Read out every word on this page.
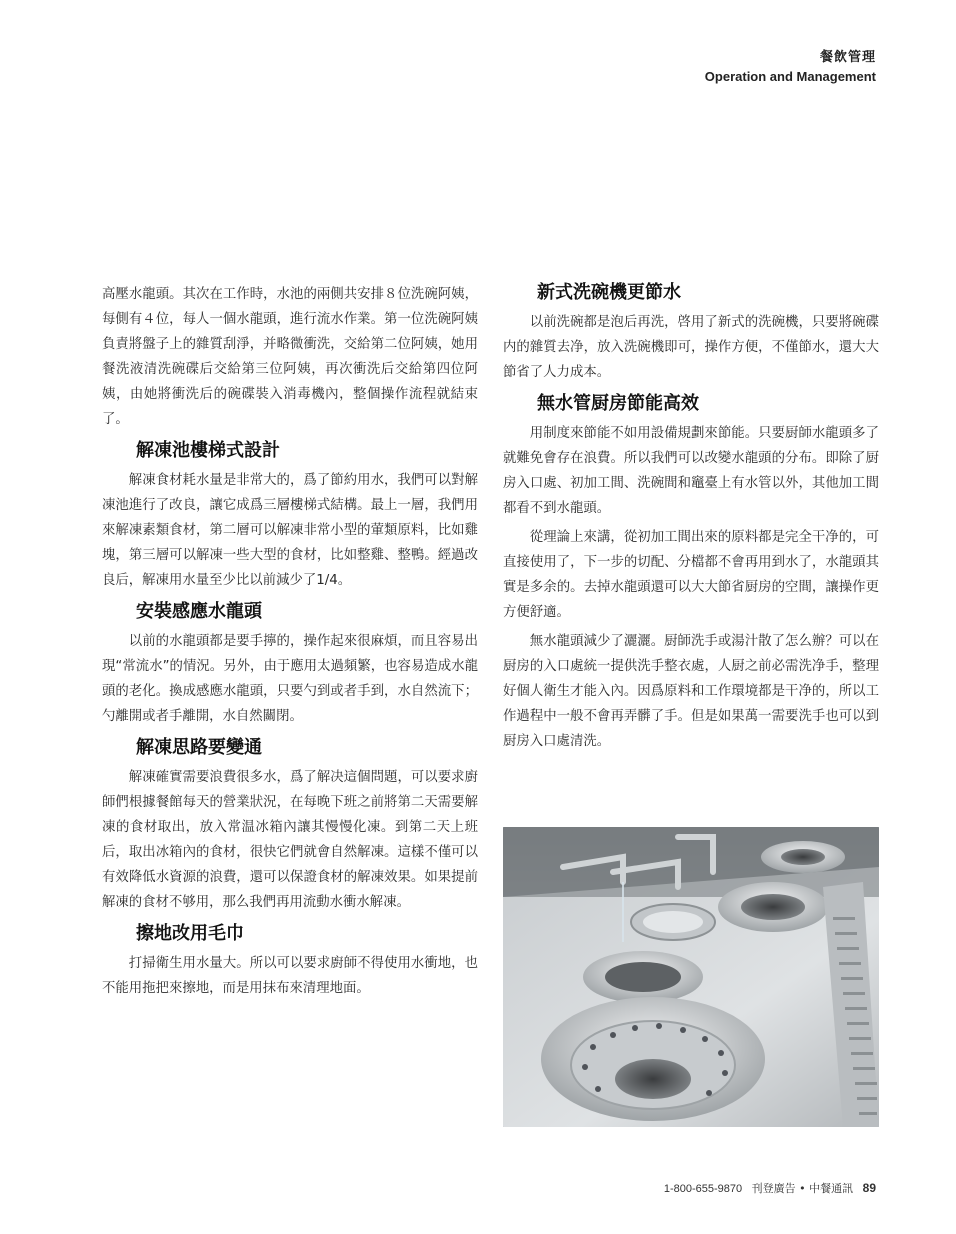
餐飲管理
Operation and Management

高壓水龍頭。其次在工作時，水池的兩側共安排８位洗碗阿姨，每側有４位，每人一個水龍頭，進行流水作業。第一位洗碗阿姨負責將盤子上的雜質刮淨，并略微衝洗，交給第二位阿姨，她用餐洗液清洗碗碟后交給第三位阿姨，再次衝洗后交給第四位阿姨，由她將衝洗后的碗碟裝入消毒機內，整個操作流程就結束了。

解凍池樓梯式設計

解凍食材耗水量是非常大的，爲了節約用水，我們可以對解凍池進行了改良，讓它成爲三層樓梯式結構。最上一層，我們用來解凍素類食材，第二層可以解凍非常小型的葷類原料，比如雞塊，第三層可以解凍一些大型的食材，比如整雞、整鴨。經過改良后，解凍用水量至少比以前減少了1/4。

安裝感應水龍頭

以前的水龍頭都是要手擰的，操作起來很麻煩，而且容易出現“常流水”的情況。另外，由于應用太過頻繁，也容易造成水龍頭的老化。換成感應水龍頭，只要勺到或者手到，水自然流下；勺離開或者手離開，水自然關閉。

解凍思路要變通

解凍確實需要浪費很多水，爲了解决這個問題，可以要求廚師們根據餐館每天的營業狀況，在每晚下班之前將第二天需要解凍的食材取出，放入常温冰箱內讓其慢慢化凍。到第二天上班后，取出冰箱內的食材，很快它們就會自然解凍。這樣不僅可以有效降低水資源的浪費，還可以保證食材的解凍效果。如果提前解凍的食材不够用，那么我們再用流動水衝水解凍。

擦地改用毛巾

打掃衛生用水量大。所以可以要求廚師不得使用水衝地，也不能用拖把來擦地，而是用抹布來清理地面。

新式洗碗機更節水

以前洗碗都是泡后再洗，啓用了新式的洗碗機，只要將碗碟内的雜質去净，放入洗碗機即可，操作方便，不僅節水，還大大節省了人力成本。

無水管厨房節能高效

用制度來節能不如用設備規劃來節能。只要厨師水龍頭多了就難免會存在浪費。所以我們可以改變水龍頭的分布。即除了厨房入口處、初加工間、洗碗間和竈臺上有水管以外，其他加工間都看不到水龍頭。

從理論上來講，從初加工間出來的原料都是完全干净的，可直接使用了，下一步的切配、分檔都不會再用到水了，水龍頭其實是多余的。去掉水龍頭還可以大大節省厨房的空間，讓操作更方便舒適。

無水龍頭減少了灑灑。厨師洗手或湯汁散了怎么辦？可以在厨房的入口處統一提供洗手整衣處，人厨之前必需洗净手，整理好個人衛生才能入內。因爲原料和工作環境都是干净的，所以工作過程中一般不會再弄髒了手。但是如果萬一需要洗手也可以到厨房入口處清洗。

1-800-655-9870 刊登廣告 • 中餐通訊 89
